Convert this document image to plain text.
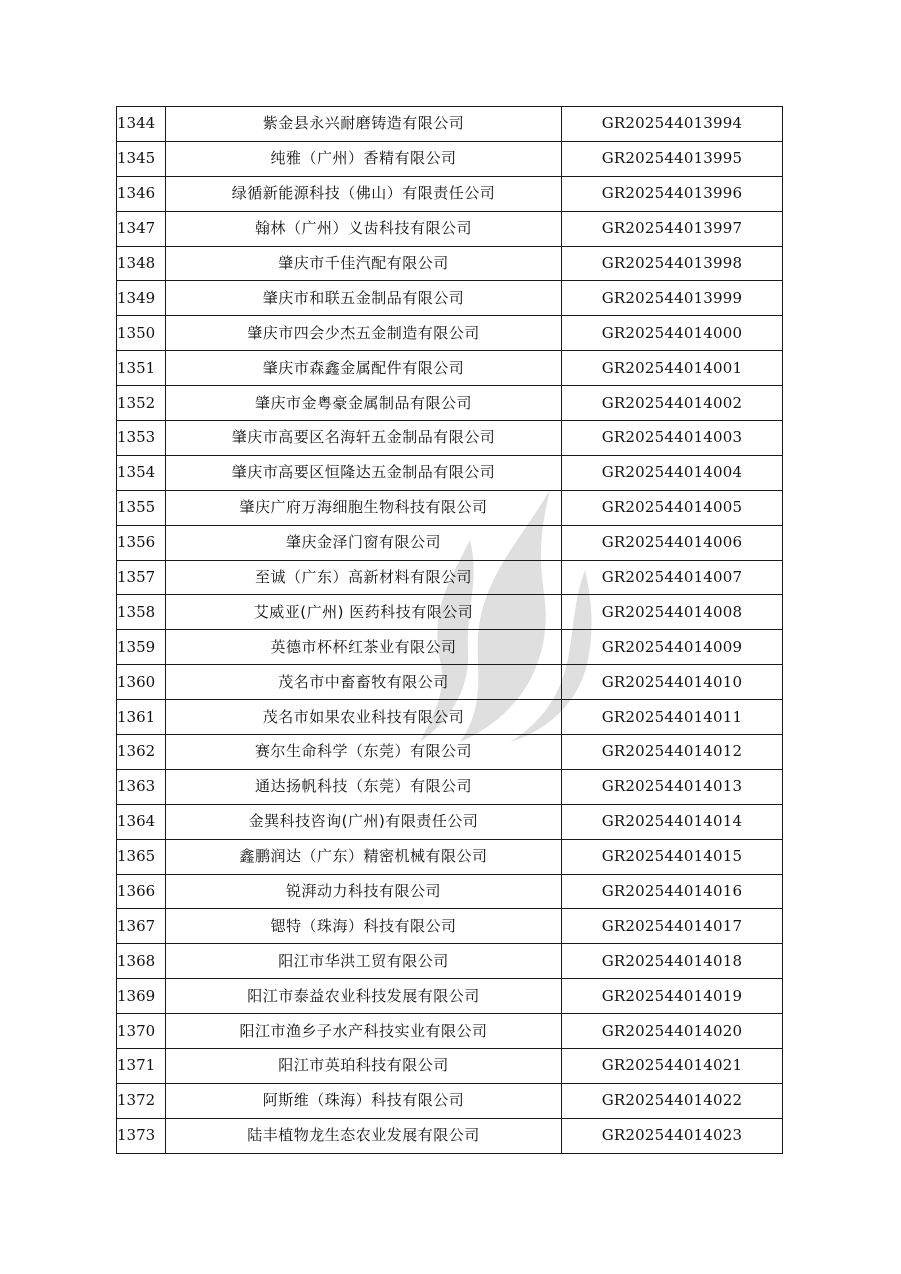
1344	紫金县永兴耐磨铸造有限公司	GR202544013994
1345	纯雅（广州）香精有限公司	GR202544013995
1346	绿循新能源科技（佛山）有限责任公司	GR202544013996
1347	翰林（广州）义齿科技有限公司	GR202544013997
1348	肇庆市千佳汽配有限公司	GR202544013998
1349	肇庆市和联五金制品有限公司	GR202544013999
1350	肇庆市四会少杰五金制造有限公司	GR202544014000
1351	肇庆市森鑫金属配件有限公司	GR202544014001
1352	肇庆市金粤豪金属制品有限公司	GR202544014002
1353	肇庆市高要区名海轩五金制品有限公司	GR202544014003
1354	肇庆市高要区恒隆达五金制品有限公司	GR202544014004
1355	肇庆广府万海细胞生物科技有限公司	GR202544014005
1356	肇庆金泽门窗有限公司	GR202544014006
1357	至诚（广东）高新材料有限公司	GR202544014007
1358	艾威亚(广州) 医药科技有限公司	GR202544014008
1359	英德市杯杯红茶业有限公司	GR202544014009
1360	茂名市中畜畜牧有限公司	GR202544014010
1361	茂名市如果农业科技有限公司	GR202544014011
1362	赛尔生命科学（东莞）有限公司	GR202544014012
1363	通达扬帆科技（东莞）有限公司	GR202544014013
1364	金巽科技咨询(广州)有限责任公司	GR202544014014
1365	鑫鹏润达（广东）精密机械有限公司	GR202544014015
1366	锐湃动力科技有限公司	GR202544014016
1367	锶特（珠海）科技有限公司	GR202544014017
1368	阳江市华洪工贸有限公司	GR202544014018
1369	阳江市泰益农业科技发展有限公司	GR202544014019
1370	阳江市渔乡子水产科技实业有限公司	GR202544014020
1371	阳江市英珀科技有限公司	GR202544014021
1372	阿斯维（珠海）科技有限公司	GR202544014022
1373	陆丰植物龙生态农业发展有限公司	GR202544014023
